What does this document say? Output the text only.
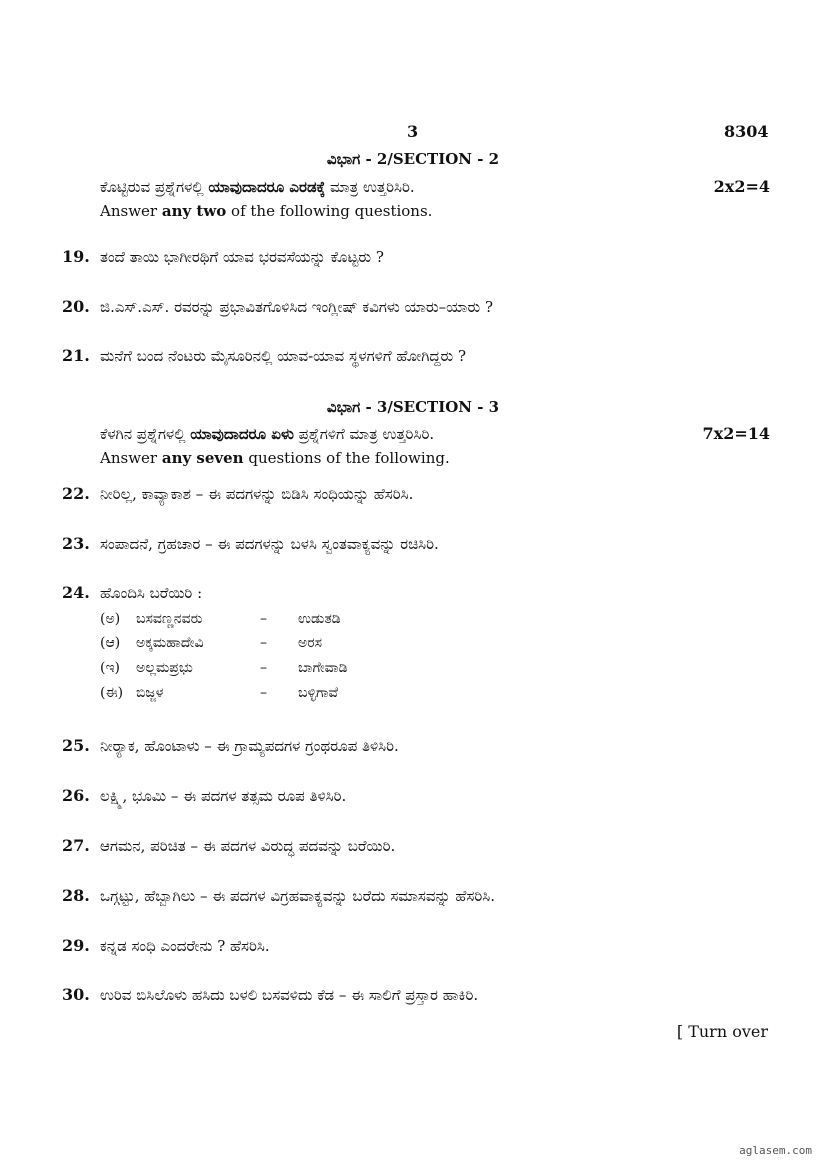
3	8304
ವಿಭಾಗ - 2/SECTION - 2
ಕೊಟ್ಟಿರುವ ಪ್ರಶ್ನೆಗಳಲ್ಲಿ ಯಾವುದಾದರೂ ಎರಡಕ್ಕೆ ಮಾತ್ರ ಉತ್ತರಿಸಿರಿ.	2x2=4
Answer any two of the following questions.
19. ತಂದೆ ತಾಯಿ ಭಾಗೀರಥಿಗೆ ಯಾವ ಭರವಸೆಯನ್ನು ಕೊಟ್ಟರು ?
20. ಜಿ.ಎಸ್.ಎಸ್. ರವರನ್ನು ಪ್ರಭಾವಿತಗೊಳಿಸಿದ ಇಂಗ್ಲೀಷ್ ಕವಿಗಳು ಯಾರು–ಯಾರು ?
21. ಮನೆಗೆ ಬಂದ ನೆಂಟರು ಮೈಸೂರಿನಲ್ಲಿ ಯಾವ-ಯಾವ ಸ್ಥಳಗಳಿಗೆ ಹೋಗಿದ್ದರು ?
ವಿಭಾಗ - 3/SECTION - 3
ಕೆಳಗಿನ ಪ್ರಶ್ನೆಗಳಲ್ಲಿ ಯಾವುದಾದರೂ ಏಳು ಪ್ರಶ್ನೆಗಳಿಗೆ ಮಾತ್ರ ಉತ್ತರಿಸಿರಿ.	7x2=14
Answer any seven questions of the following.
22. ನೀರಿಲ್ಲ, ಕಾವ್ಯಾಕಾಶ – ಈ ಪದಗಳನ್ನು ಬಿಡಿಸಿ ಸಂಧಿಯನ್ನು ಹೆಸರಿಸಿ.
23. ಸಂಪಾದನೆ, ಗ್ರಹಚಾರ – ಈ ಪದಗಳನ್ನು ಬಳಸಿ ಸ್ವಂತವಾಕ್ಯವನ್ನು ರಚಿಸಿರಿ.
24. ಹೊಂದಿಸಿ ಬರೆಯಿರಿ :
(ಅ) ಬಸವಣ್ಣನವರು	– ಉಡುತಡಿ
(ಆ) ಅಕ್ಕಮಹಾದೇವಿ	– ಅರಸ
(ಇ) ಅಲ್ಲಮಪ್ರಭು	– ಬಾಗೇವಾಡಿ
(ಈ) ಬಿಜ್ಜಳ	– ಬಳ್ಳಿಗಾವೆ
25. ನೀರ‍್ಯಾಕ, ಹೊಂಟಾಳು – ಈ ಗ್ರಾಮ್ಯಪದಗಳ ಗ್ರಂಥರೂಪ ತಿಳಿಸಿರಿ.
26. ಲಕ್ಷ್ಮಿ, ಭೂಮಿ – ಈ ಪದಗಳ ತತ್ಸಮ ರೂಪ ತಿಳಿಸಿರಿ.
27. ಆಗಮನ, ಪರಿಚಿತ – ಈ ಪದಗಳ ವಿರುದ್ಧ ಪದವನ್ನು ಬರೆಯಿರಿ.
28. ಒಗ್ಗಟ್ಟು, ಹೆಬ್ಬಾಗಿಲು – ಈ ಪದಗಳ ವಿಗ್ರಹವಾಕ್ಯವನ್ನು ಬರೆದು ಸಮಾಸವನ್ನು ಹೆಸರಿಸಿ.
29. ಕನ್ನಡ ಸಂಧಿ ಎಂದರೇನು ? ಹೆಸರಿಸಿ.
30. ಉರಿವ ಬಿಸಿಲೊಳು ಹಸಿದು ಬಳಲಿ ಬಸವಳಿದು ಕೆಡ – ಈ ಸಾಲಿಗೆ ಪ್ರಸ್ತಾರ ಹಾಕಿರಿ.
[ Turn over
aglasem.com
